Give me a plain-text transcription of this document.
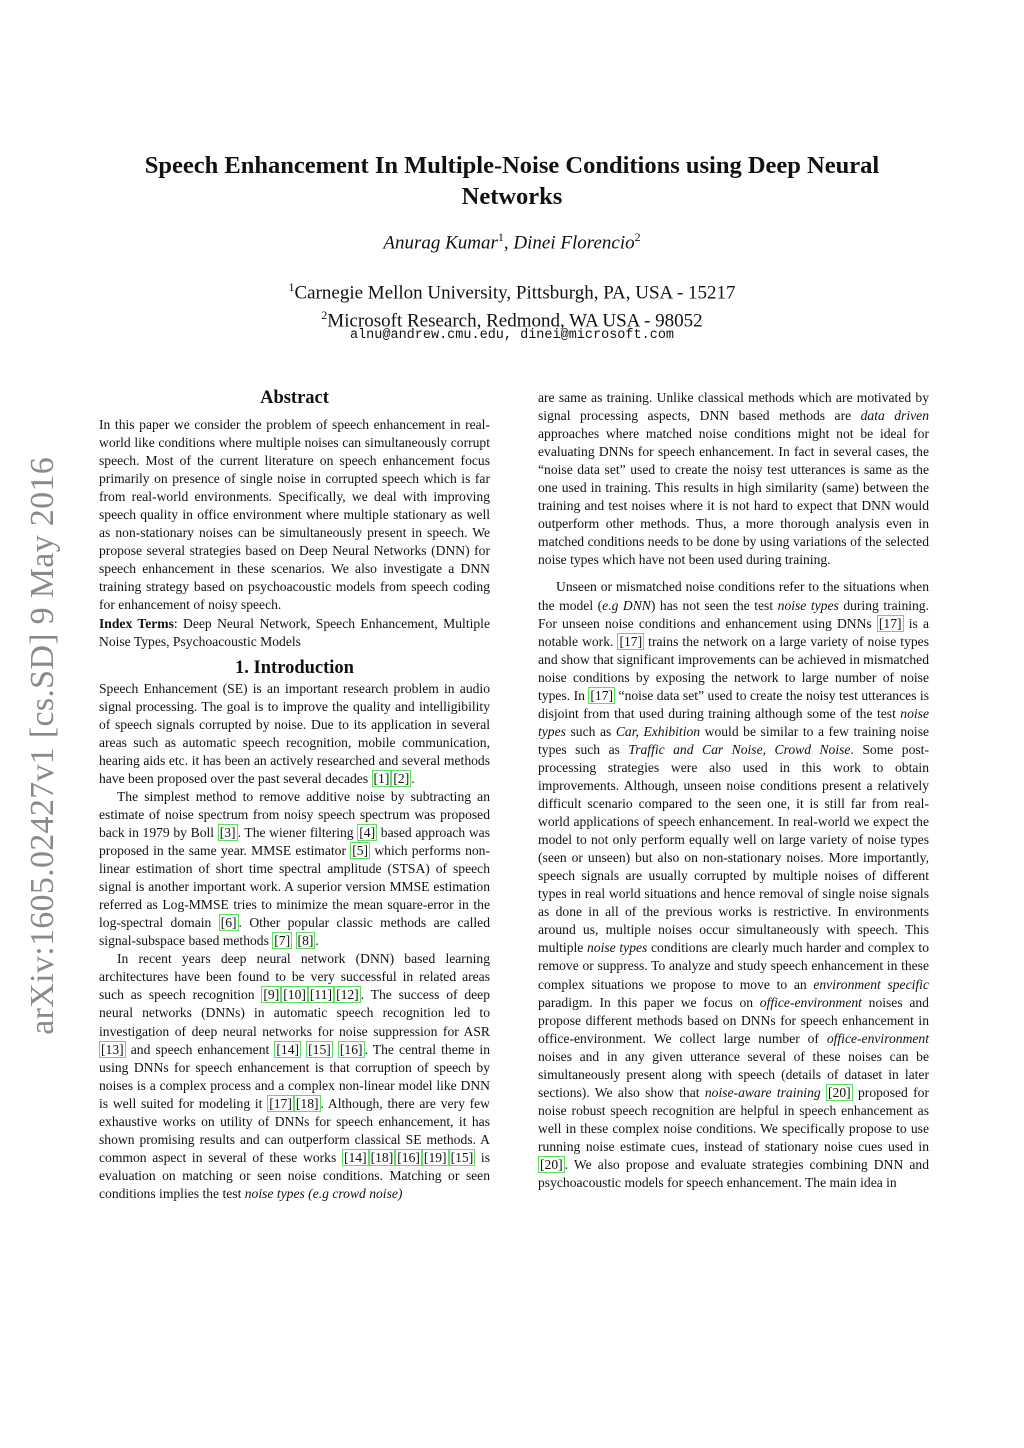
arXiv:1605.02427v1 [cs.SD] 9 May 2016
Speech Enhancement In Multiple-Noise Conditions using Deep Neural Networks
Anurag Kumar$^1$, Dinei Florencio$^2$
$^1$Carnegie Mellon University, Pittsburgh, PA, USA - 15217
$^2$Microsoft Research, Redmond, WA USA - 98052
alnu@andrew.cmu.edu, dinei@microsoft.com
Abstract

In this paper we consider the problem of speech enhancement in real-world like conditions where multiple noises can simultaneously corrupt speech. Most of the current literature on speech enhancement focus primarily on presence of single noise in corrupted speech which is far from real-world environments. Specifically, we deal with improving speech quality in office environment where multiple stationary as well as non-stationary noises can be simultaneously present in speech. We propose several strategies based on Deep Neural Networks (DNN) for speech enhancement in these scenarios. We also investigate a DNN training strategy based on psychoacoustic models from speech coding for enhancement of noisy speech.

Index Terms: Deep Neural Network, Speech Enhancement, Multiple Noise Types, Psychoacoustic Models

1. Introduction

Speech Enhancement (SE) is an important research problem in audio signal processing. The goal is to improve the quality and intelligibility of speech signals corrupted by noise. Due to its application in several areas such as automatic speech recognition, mobile communication, hearing aids etc. it has been an actively researched and several methods have been proposed over the past several decades [1] [2] .

The simplest method to remove additive noise by subtracting an estimate of noise spectrum from noisy speech spectrum was proposed back in 1979 by Boll [3] . The wiener filtering [4] based approach was proposed in the same year. MMSE estimator [5] which performs non-linear estimation of short time spectral amplitude (STSA) of speech signal is another important work. A superior version MMSE estimation referred as Log-MMSE tries to minimize the mean square-error in the log-spectral domain [6] . Other popular classic methods are called signal-subspace based methods [7] [8] .

In recent years deep neural network (DNN) based learning architectures have been found to be very successful in related areas such as speech recognition [9] [10] [11] [12] . The success of deep neural networks (DNNs) in automatic speech recognition led to investigation of deep neural networks for noise suppression for ASR [13] and speech enhancement [14] [15] [16] . The central theme in using DNNs for speech enhancement is that corruption of speech by noises is a complex process and a complex non-linear model like DNN is well suited for modeling it [17] [18] . Although, there are very few exhaustive works on utility of DNNs for speech enhancement, it has shown promising results and can outperform classical SE methods. A common aspect in several of these works [14] [18] [16] [19] [15] is evaluation on matching or seen noise conditions. Matching or seen conditions implies the test noise types (e.g crowd noise)

are same as training. Unlike classical methods which are motivated by signal processing aspects, DNN based methods are data driven approaches where matched noise conditions might not be ideal for evaluating DNNs for speech enhancement. In fact in several cases, the “noise data set” used to create the noisy test utterances is same as the one used in training. This results in high similarity (same) between the training and test noises where it is not hard to expect that DNN would outperform other methods. Thus, a more thorough analysis even in matched conditions needs to be done by using variations of the selected noise types which have not been used during training.

Unseen or mismatched noise conditions refer to the situations when the model (e.g DNN) has not seen the test noise types during training. For unseen noise conditions and enhancement using DNNs [17] is a notable work. [17] trains the network on a large variety of noise types and show that significant improvements can be achieved in mismatched noise conditions by exposing the network to large number of noise types. In [17] “noise data set” used to create the noisy test utterances is disjoint from that used during training although some of the test noise types such as Car, Exhibition would be similar to a few training noise types such as Traffic and Car Noise, Crowd Noise. Some post-processing strategies were also used in this work to obtain improvements. Although, unseen noise conditions present a relatively difficult scenario compared to the seen one, it is still far from real-world applications of speech enhancement. In real-world we expect the model to not only perform equally well on large variety of noise types (seen or unseen) but also on non-stationary noises. More importantly, speech signals are usually corrupted by multiple noises of different types in real world situations and hence removal of single noise signals as done in all of the previous works is restrictive. In environments around us, multiple noises occur simultaneously with speech. This multiple noise types conditions are clearly much harder and complex to remove or suppress. To analyze and study speech enhancement in these complex situations we propose to move to an environment specific paradigm. In this paper we focus on office-environment noises and propose different methods based on DNNs for speech enhancement in office-environment. We collect large number of office-environment noises and in any given utterance several of these noises can be simultaneously present along with speech (details of dataset in later sections). We also show that noise-aware training [20] proposed for noise robust speech recognition are helpful in speech enhancement as well in these complex noise conditions. We specifically propose to use running noise estimate cues, instead of stationary noise cues used in [20] . We also propose and evaluate strategies combining DNN and psychoacoustic models for speech enhancement. The main idea in
